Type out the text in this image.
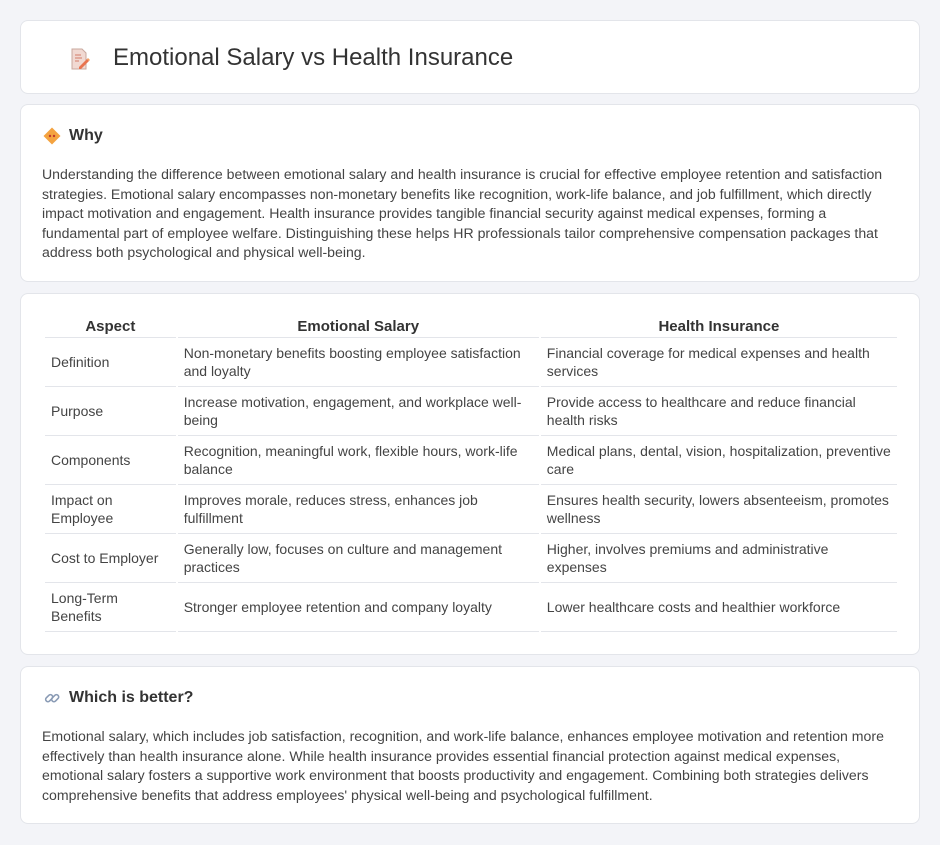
Emotional Salary vs Health Insurance
Why

Understanding the difference between emotional salary and health insurance is crucial for effective employee retention and satisfaction strategies. Emotional salary encompasses non-monetary benefits like recognition, work-life balance, and job fulfillment, which directly impact motivation and engagement. Health insurance provides tangible financial security against medical expenses, forming a fundamental part of employee welfare. Distinguishing these helps HR professionals tailor comprehensive compensation packages that address both psychological and physical well-being.

Aspect	Emotional Salary	Health Insurance
Definition	Non-monetary benefits boosting employee satisfaction and loyalty	Financial coverage for medical expenses and health services
Purpose	Increase motivation, engagement, and workplace well-being	Provide access to healthcare and reduce financial health risks
Components	Recognition, meaningful work, flexible hours, work-life balance	Medical plans, dental, vision, hospitalization, preventive care
Impact on Employee	Improves morale, reduces stress, enhances job fulfillment	Ensures health security, lowers absenteeism, promotes wellness
Cost to Employer	Generally low, focuses on culture and management practices	Higher, involves premiums and administrative expenses
Long-Term Benefits	Stronger employee retention and company loyalty	Lower healthcare costs and healthier workforce
Which is better?

Emotional salary, which includes job satisfaction, recognition, and work-life balance, enhances employee motivation and retention more effectively than health insurance alone. While health insurance provides essential financial protection against medical expenses, emotional salary fosters a supportive work environment that boosts productivity and engagement. Combining both strategies delivers comprehensive benefits that address employees' physical well-being and psychological fulfillment.
